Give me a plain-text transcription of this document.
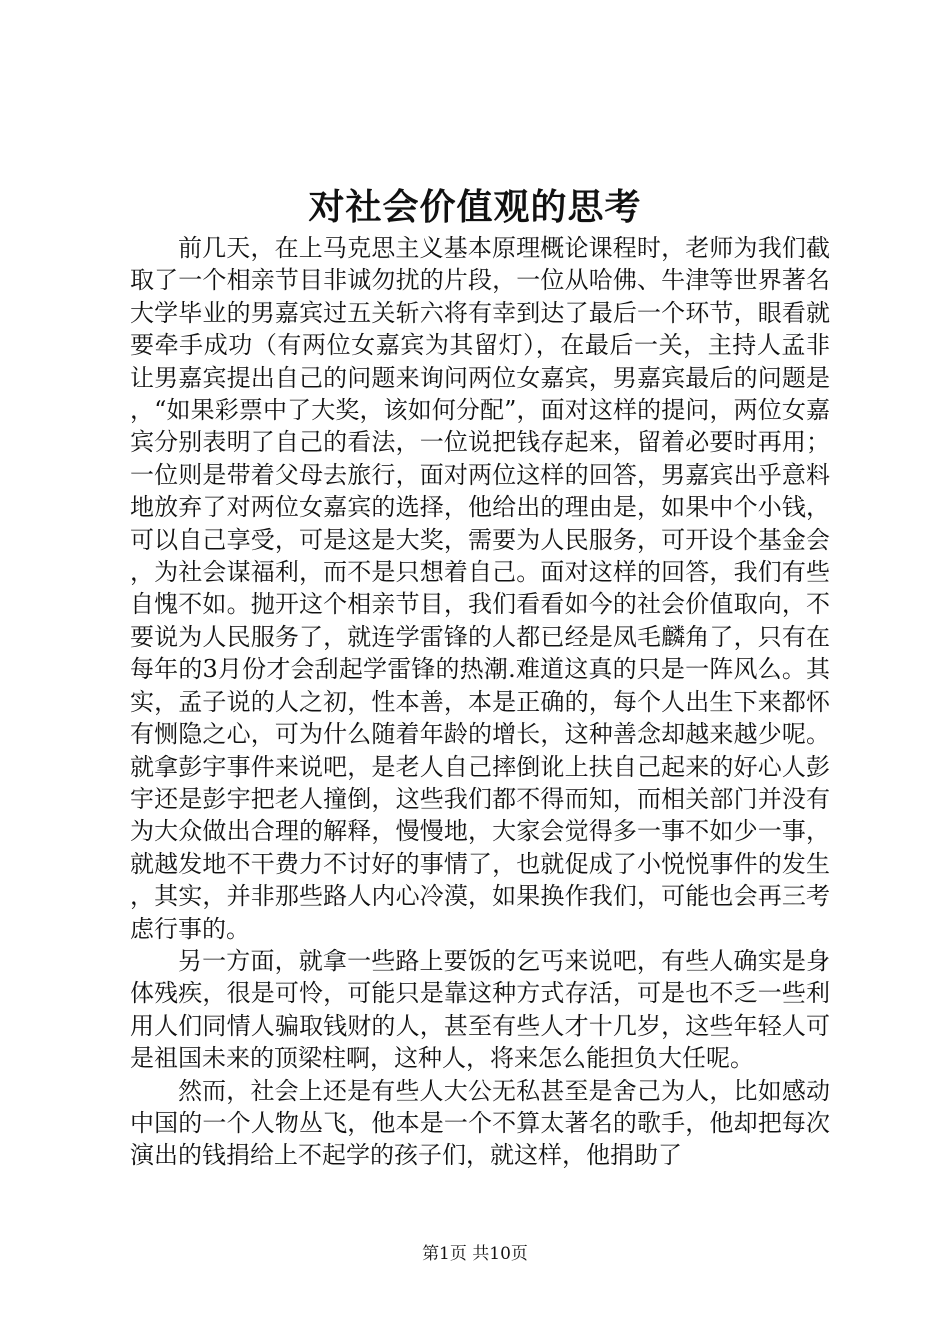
对社会价值观的思考

前几天，在上马克思主义基本原理概论课程时，老师为我们截取了一个相亲节目非诚勿扰的片段，一位从哈佛、牛津等世界著名大学毕业的男嘉宾过五关斩六将有幸到达了最后一个环节，眼看就要牵手成功（有两位女嘉宾为其留灯），在最后一关，主持人孟非让男嘉宾提出自己的问题来询问两位女嘉宾，男嘉宾最后的问题是，“如果彩票中了大奖，该如何分配”，面对这样的提问，两位女嘉宾分别表明了自己的看法，一位说把钱存起来，留着必要时再用；一位则是带着父母去旅行，面对两位这样的回答，男嘉宾出乎意料地放弃了对两位女嘉宾的选择，他给出的理由是，如果中个小钱，可以自己享受，可是这是大奖，需要为人民服务，可开设个基金会，为社会谋福利，而不是只想着自己。面对这样的回答，我们有些自愧不如。抛开这个相亲节目，我们看看如今的社会价值取向，不要说为人民服务了，就连学雷锋的人都已经是凤毛麟角了，只有在每年的3月份才会刮起学雷锋的热潮.难道这真的只是一阵风么。其实，孟子说的人之初，性本善，本是正确的，每个人出生下来都怀有恻隐之心，可为什么随着年龄的增长，这种善念却越来越少呢。就拿彭宇事件来说吧，是老人自己摔倒讹上扶自己起来的好心人彭宇还是彭宇把老人撞倒，这些我们都不得而知，而相关部门并没有为大众做出合理的解释，慢慢地，大家会觉得多一事不如少一事，就越发地不干费力不讨好的事情了，也就促成了小悦悦事件的发生，其实，并非那些路人内心冷漠，如果换作我们，可能也会再三考虑行事的。

另一方面，就拿一些路上要饭的乞丐来说吧，有些人确实是身体残疾，很是可怜，可能只是靠这种方式存活，可是也不乏一些利用人们同情人骗取钱财的人，甚至有些人才十几岁，这些年轻人可是祖国未来的顶梁柱啊，这种人，将来怎么能担负大任呢。

然而，社会上还是有些人大公无私甚至是舍己为人，比如感动中国的一个人物丛飞，他本是一个不算太著名的歌手，他却把每次演出的钱捐给上不起学的孩子们，就这样，他捐助了

第1页 共10页
